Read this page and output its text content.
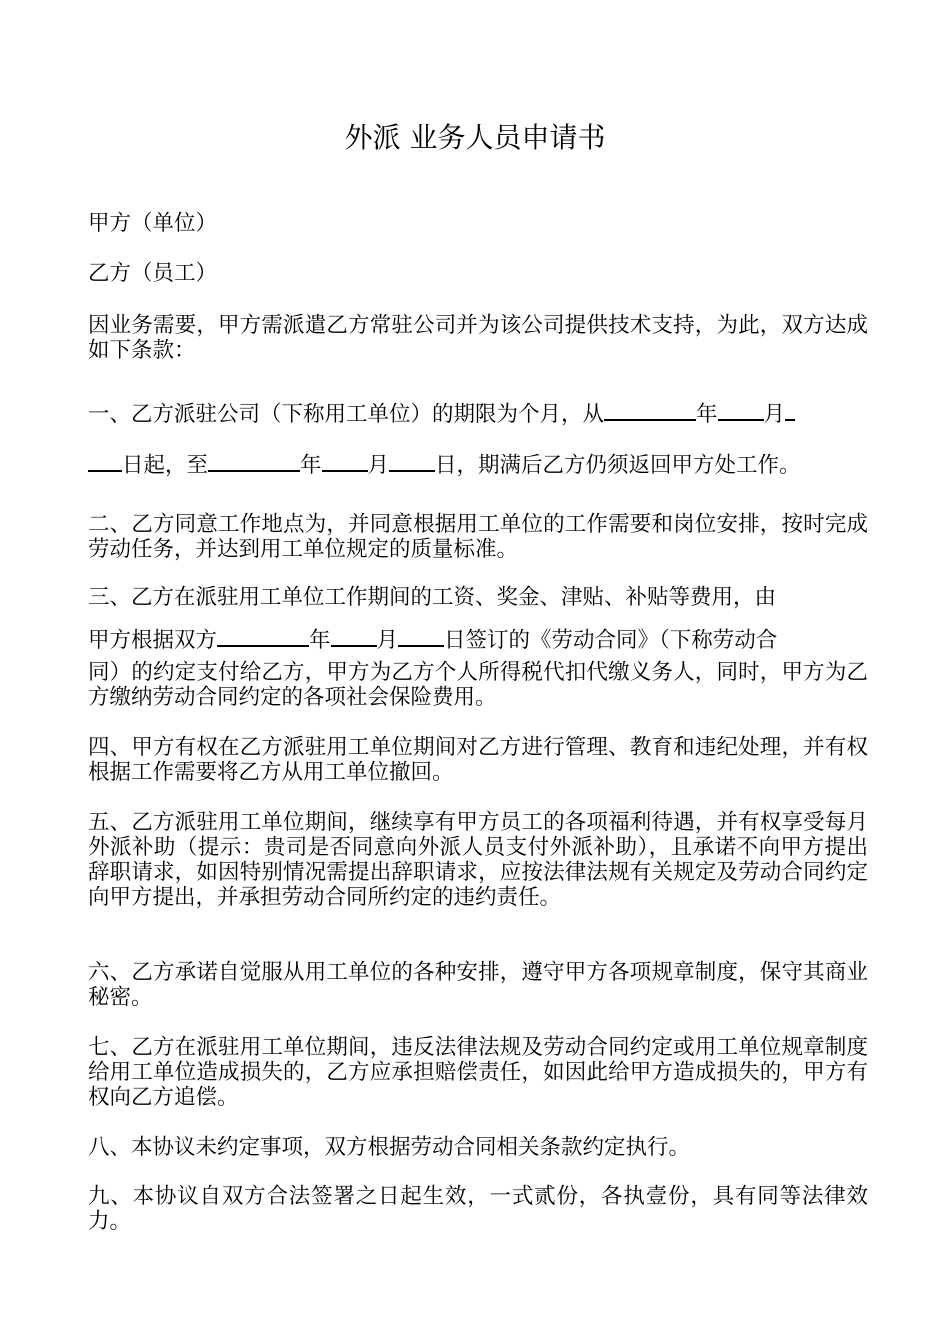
外派 业务人员申请书
甲方（单位）
乙方（员工）
因业务需要，甲方需派遣乙方常驻公司并为该公司提供技术支持，为此，双方达成如下条款：
一、乙方派驻公司（下称用工单位）的期限为个月，从	年 月
日起，至	年 月 日，期满后乙方仍须返回甲方处工作。
二、乙方同意工作地点为，并同意根据用工单位的工作需要和岗位安排，按时完成劳动任务，并达到用工单位规定的质量标准。
三、乙方在派驻用工单位工作期间的工资、奖金、津贴、补贴等费用，由
甲方根据双方	年 月 日签订的《劳动合同》（下称劳动合
同）的约定支付给乙方，甲方为乙方个人所得税代扣代缴义务人，同时，甲方为乙方缴纳劳动合同约定的各项社会保险费用。
四、甲方有权在乙方派驻用工单位期间对乙方进行管理、教育和违纪处理，并有权根据工作需要将乙方从用工单位撤回。
五、乙方派驻用工单位期间，继续享有甲方员工的各项福利待遇，并有权享受每月外派补助（提示：贵司是否同意向外派人员支付外派补助），且承诺不向甲方提出辞职请求，如因特别情况需提出辞职请求，应按法律法规有关规定及劳动合同约定向甲方提出，并承担劳动合同所约定的违约责任。
六、乙方承诺自觉服从用工单位的各种安排，遵守甲方各项规章制度，保守其商业秘密。
七、乙方在派驻用工单位期间，违反法律法规及劳动合同约定或用工单位规章制度给用工单位造成损失的，乙方应承担赔偿责任，如因此给甲方造成损失的，甲方有权向乙方追偿。
八、本协议未约定事项，双方根据劳动合同相关条款约定执行。
九、本协议自双方合法签署之日起生效，一式贰份，各执壹份，具有同等法律效力。
